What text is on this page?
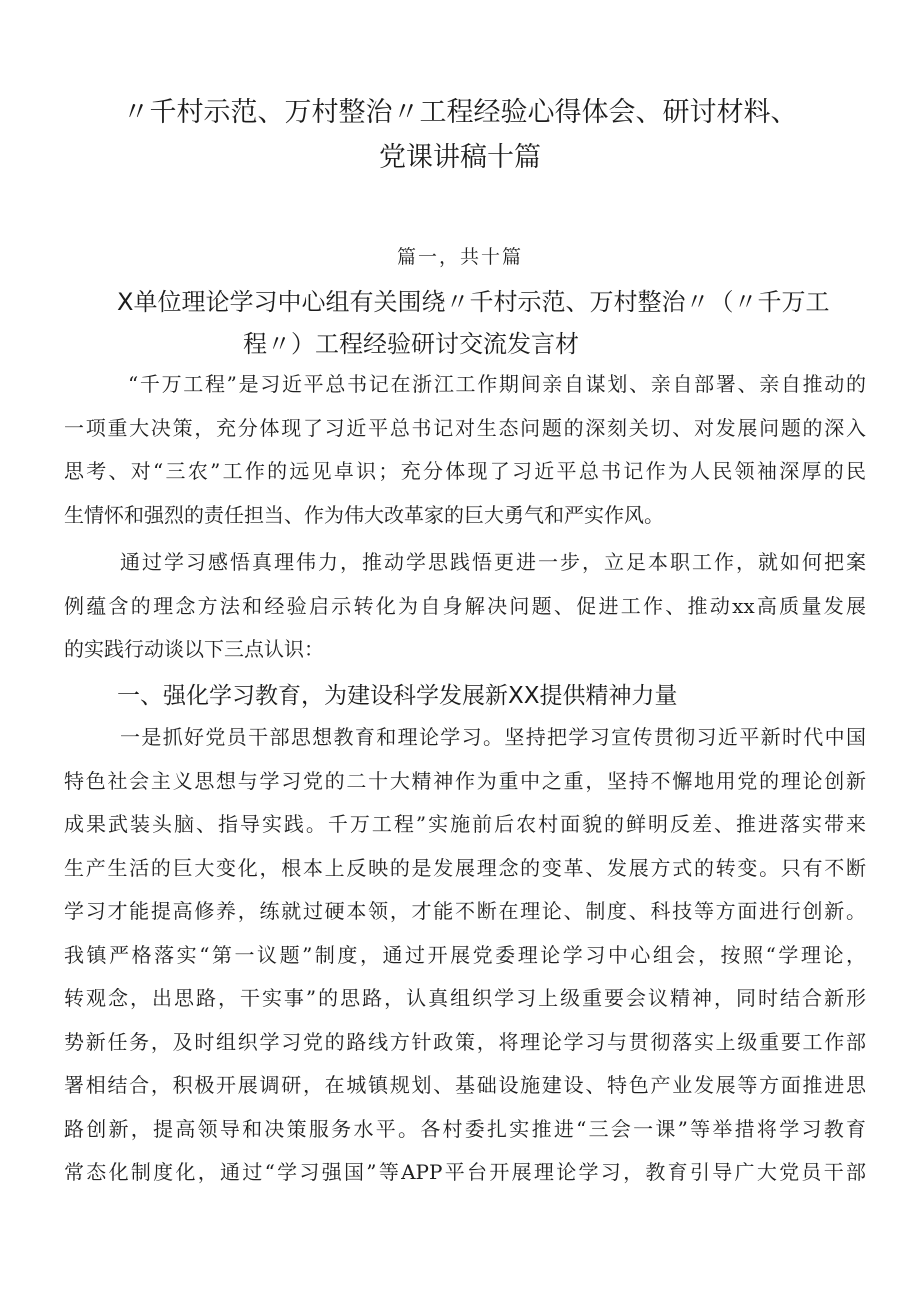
〃千村示范、万村整治〃工程经验心得体会、研讨材料、
党课讲稿十篇
篇一，共十篇
X单位理论学习中心组有关围绕〃千村示范、万村整治〃（〃千万工
程〃）工程经验研讨交流发言材
“千万工程”是习近平总书记在浙江工作期间亲自谋划、亲自部署、亲自推动的
一项重大决策，充分体现了习近平总书记对生态问题的深刻关切、对发展问题的深入
思考、对“三农”工作的远见卓识；充分体现了习近平总书记作为人民领袖深厚的民
生情怀和强烈的责任担当、作为伟大改革家的巨大勇气和严实作风。
通过学习感悟真理伟力，推动学思践悟更进一步，立足本职工作，就如何把案
例蕴含的理念方法和经验启示转化为自身解决问题、促进工作、推动xx高质量发展
的实践行动谈以下三点认识：
一、强化学习教育，为建设科学发展新XX提供精神力量
一是抓好党员干部思想教育和理论学习。坚持把学习宣传贯彻习近平新时代中国
特色社会主义思想与学习党的二十大精神作为重中之重，坚持不懈地用党的理论创新
成果武装头脑、指导实践。千万工程”实施前后农村面貌的鲜明反差、推进落实带来
生产生活的巨大变化，根本上反映的是发展理念的变革、发展方式的转变。只有不断
学习才能提高修养，练就过硬本领，才能不断在理论、制度、科技等方面进行创新。
我镇严格落实“第一议题”制度，通过开展党委理论学习中心组会，按照“学理论，
转观念，出思路，干实事”的思路，认真组织学习上级重要会议精神，同时结合新形
势新任务，及时组织学习党的路线方针政策，将理论学习与贯彻落实上级重要工作部
署相结合，积极开展调研，在城镇规划、基础设施建设、特色产业发展等方面推进思
路创新，提高领导和决策服务水平。各村委扎实推进“三会一课”等举措将学习教育
常态化制度化，通过“学习强国”等APP平台开展理论学习，教育引导广大党员干部
